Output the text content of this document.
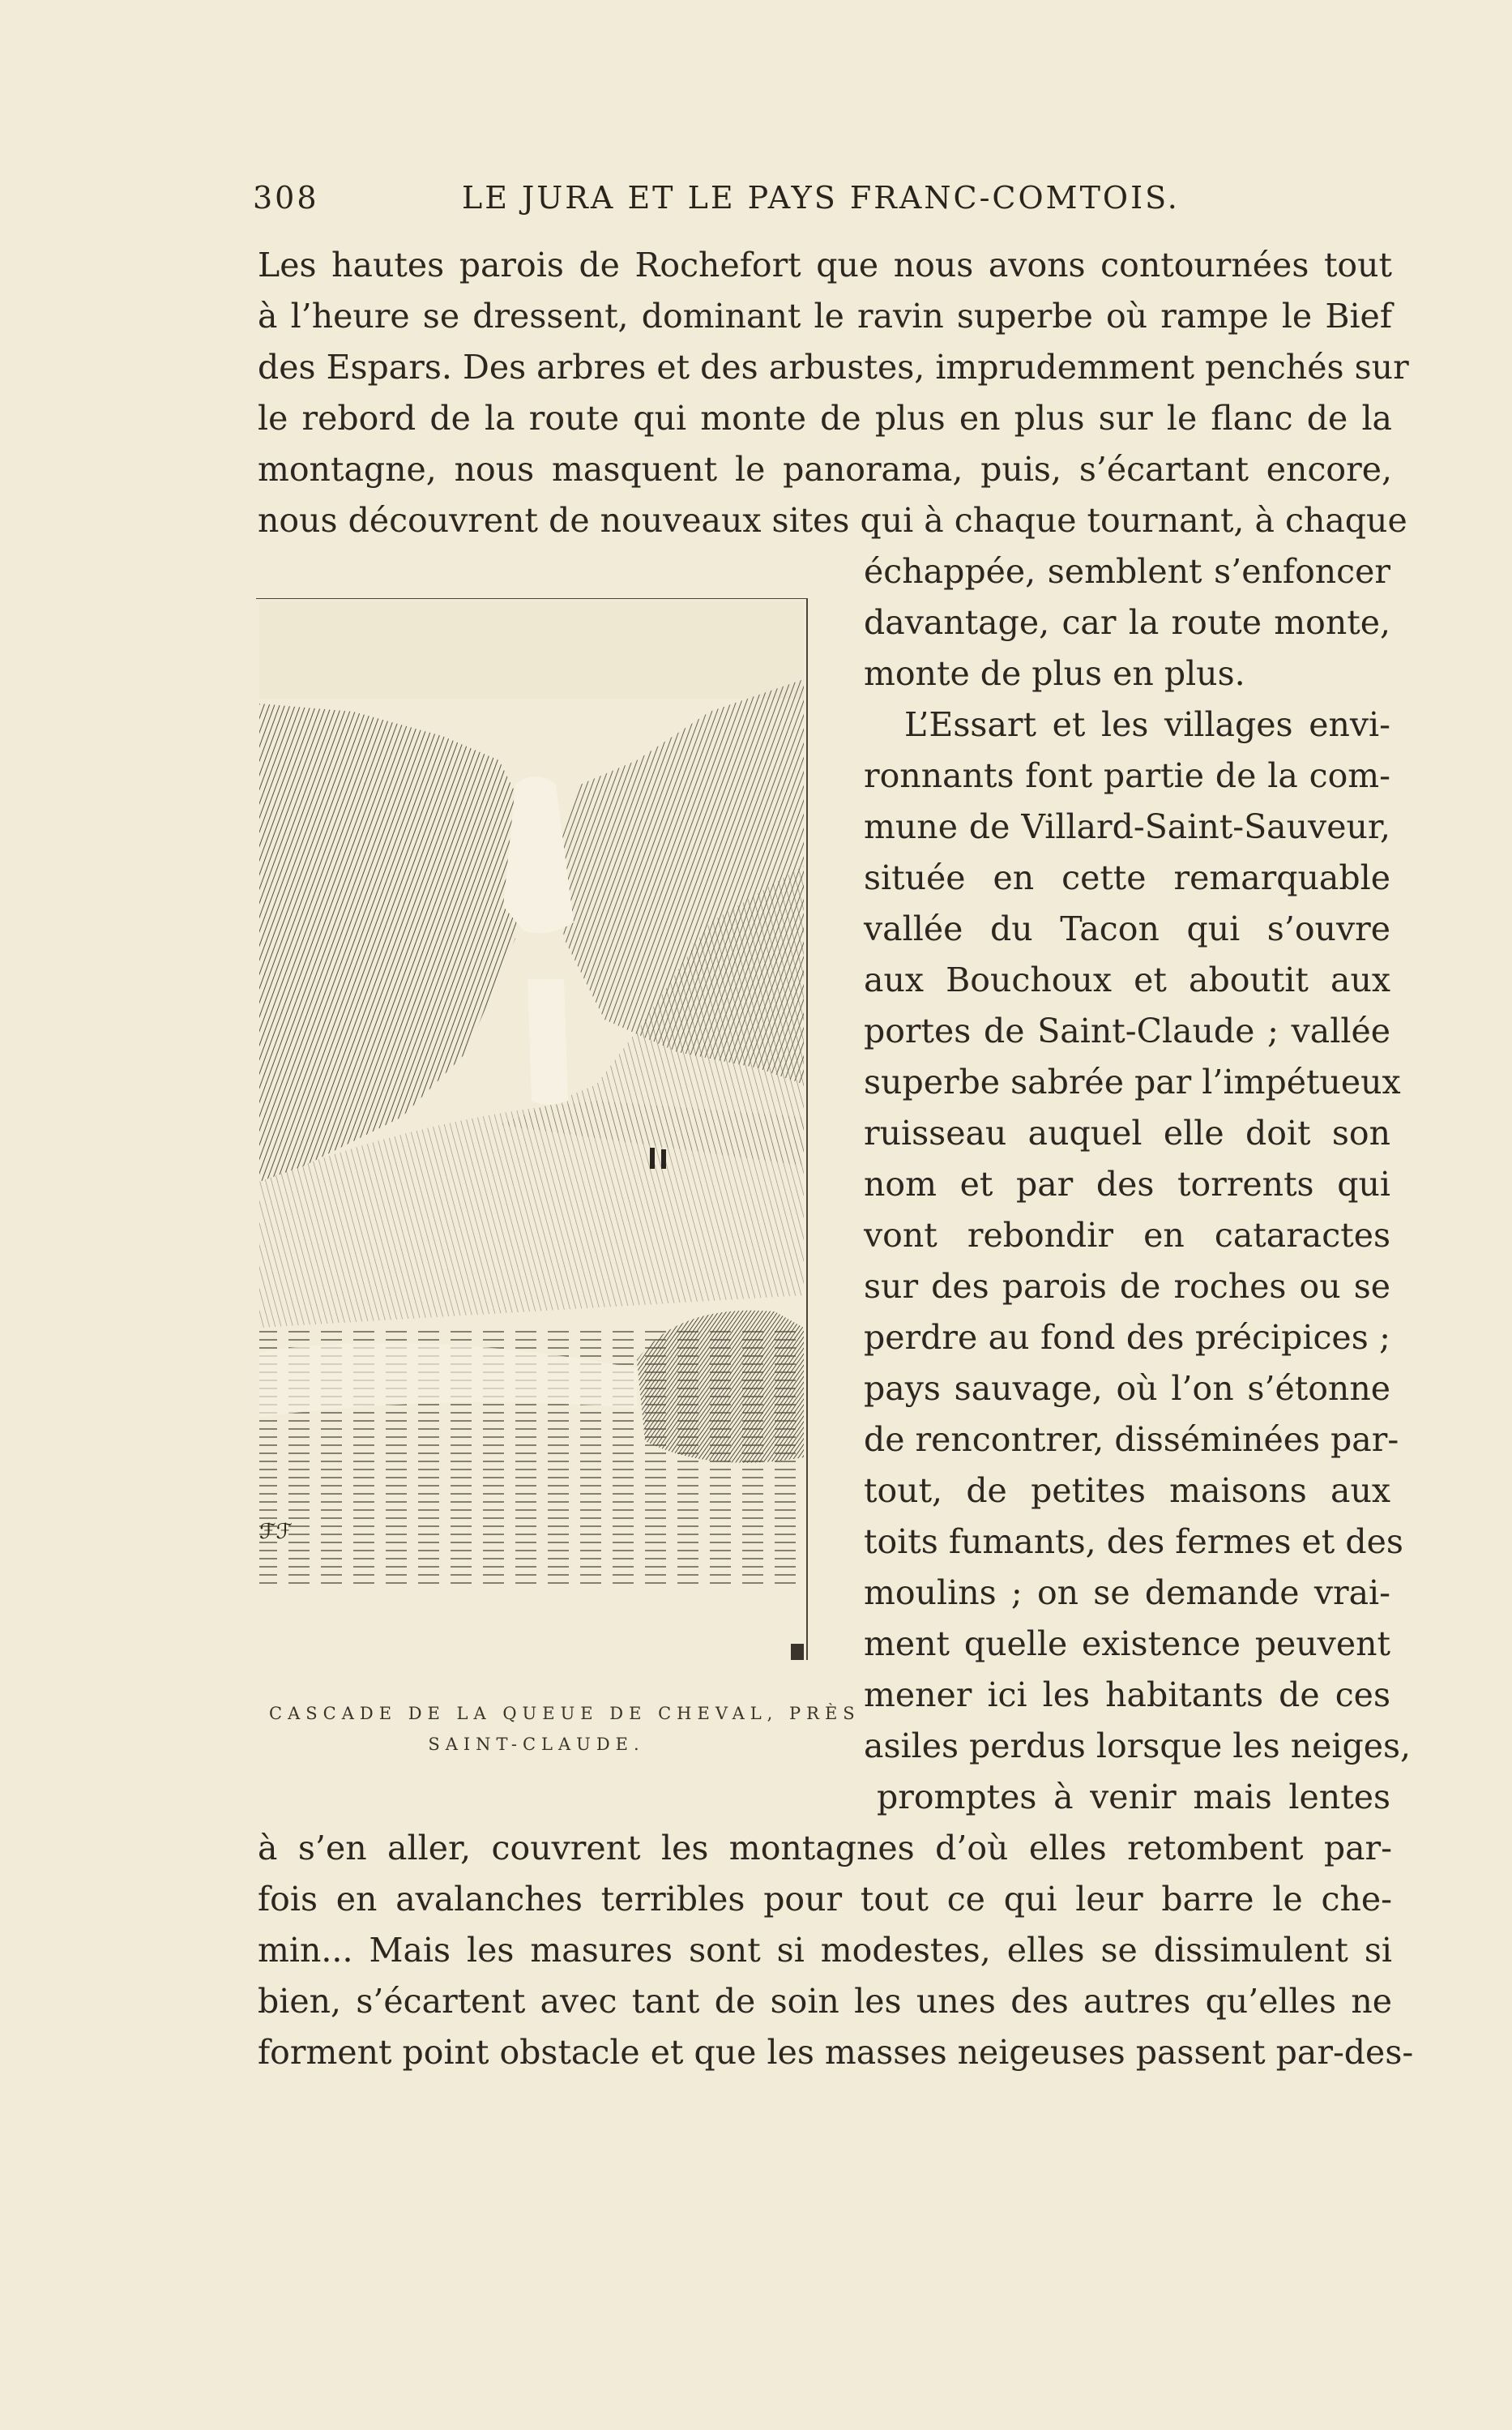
308	LE JURA ET LE PAYS FRANC-COMTOIS.
Les hautes parois de Rochefort que nous avons contournées tout
à l’heure se dressent, dominant le ravin superbe où rampe le Bief
des Espars. Des arbres et des arbustes, imprudemment penchés sur
le rebord de la route qui monte de plus en plus sur le flanc de la
montagne, nous masquent le panorama, puis, s’écartant encore,
nous découvrent de nouveaux sites qui à chaque tournant, à chaque
échappée, semblent s’enfoncer
davantage, car la route monte,
monte de plus en plus.
L’Essart et les villages envi-
ronnants font partie de la com-
mune de Villard-Saint-Sauveur,
située en cette remarquable
vallée du Tacon qui s’ouvre
aux Bouchoux et aboutit aux
portes de Saint-Claude ; vallée
superbe sabrée par l’impétueux
ruisseau auquel elle doit son
nom et par des torrents qui
vont rebondir en cataractes
sur des parois de roches ou se
perdre au fond des précipices ;
pays sauvage, où l’on s’étonne
de rencontrer, disséminées par-
tout, de petites maisons aux
toits fumants, des fermes et des
moulins ; on se demande vrai-
ment quelle existence peuvent
mener ici les habitants de ces
asiles perdus lorsque les neiges,
promptes à venir mais lentes
à s’en aller, couvrent les montagnes d’où elles retombent par-
fois en avalanches terribles pour tout ce qui leur barre le che-
min... Mais les masures sont si modestes, elles se dissimulent si
bien, s’écartent avec tant de soin les unes des autres qu’elles ne
forment point obstacle et que les masses neigeuses passent par-des-
ℱℱ
CASCADE DE LA QUEUE DE CHEVAL, PRÈS
SAINT-CLAUDE.
